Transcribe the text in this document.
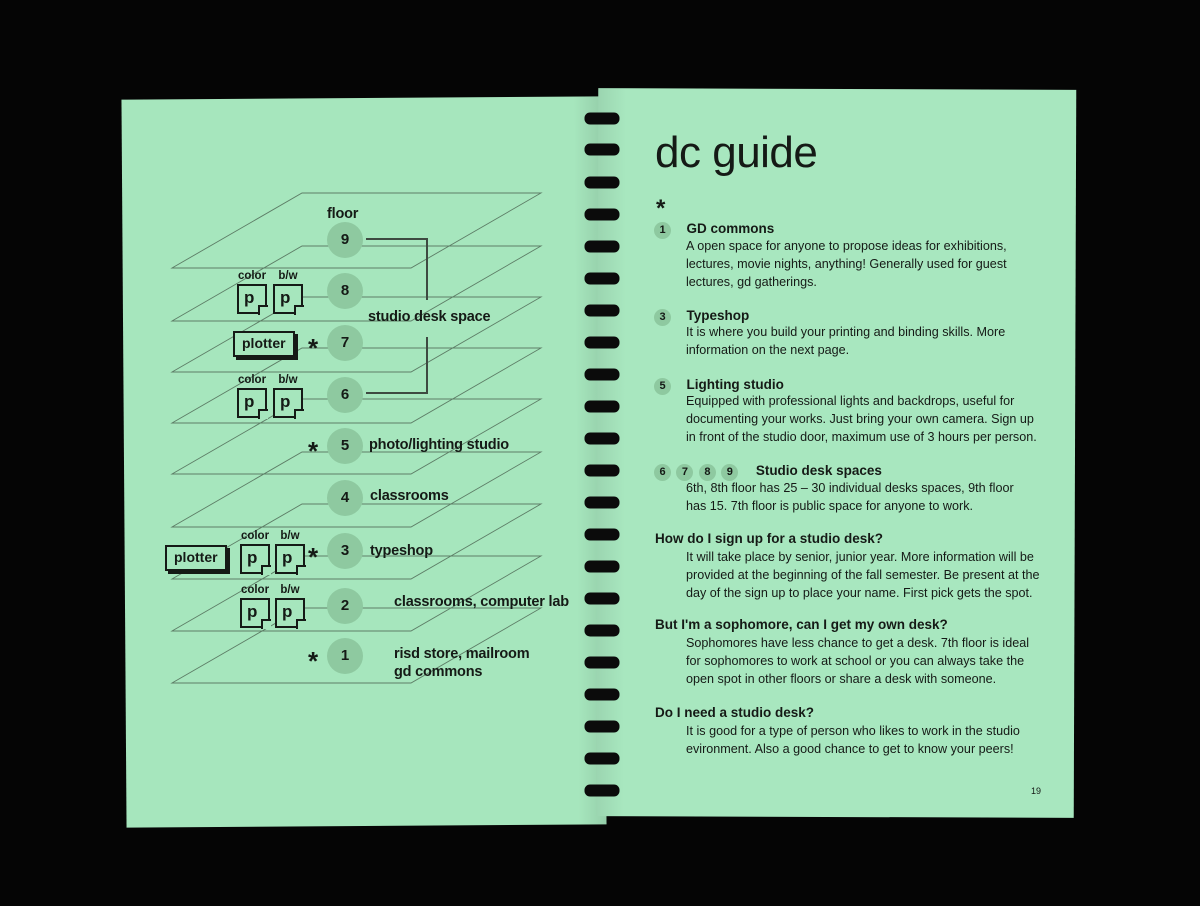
floor
9
8
7
6
5
4
3
2
1
studio desk space
photo/lighting studio
classrooms
typeshop
classrooms, computer lab
risd store, mailroom
gd commons
*
*
*
*
color
p
b/w
p
plotter
color
p
b/w
p
plotter
color
p
b/w
p
color
p
b/w
p
dc guide
*
1 GD commons
A open space for anyone to propose ideas for exhibitions,
lectures, movie nights, anything! Generally used for guest
lectures, gd gatherings.
3 Typeshop
It is where you build your printing and binding skills. More
information on the next page.
5 Lighting studio
Equipped with professional lights and backdrops, useful for
documenting your works. Just bring your own camera. Sign up
in front of the studio door, maximum use of 3 hours per person.
6 7 8 9 Studio desk spaces
6th, 8th floor has 25 – 30 individual desks spaces, 9th floor
has 15. 7th floor is public space for anyone to work.
How do I sign up for a studio desk?
It will take place by senior, junior year. More information will be
provided at the beginning of the fall semester. Be present at the
day of the sign up to place your name. First pick gets the spot.
But I'm a sophomore, can I get my own desk?
Sophomores have less chance to get a desk. 7th floor is ideal
for sophomores to work at school or you can always take the
open spot in other floors or share a desk with someone.
Do I need a studio desk?
It is good for a type of person who likes to work in the studio
evironment. Also a good chance to get to know your peers!
19
